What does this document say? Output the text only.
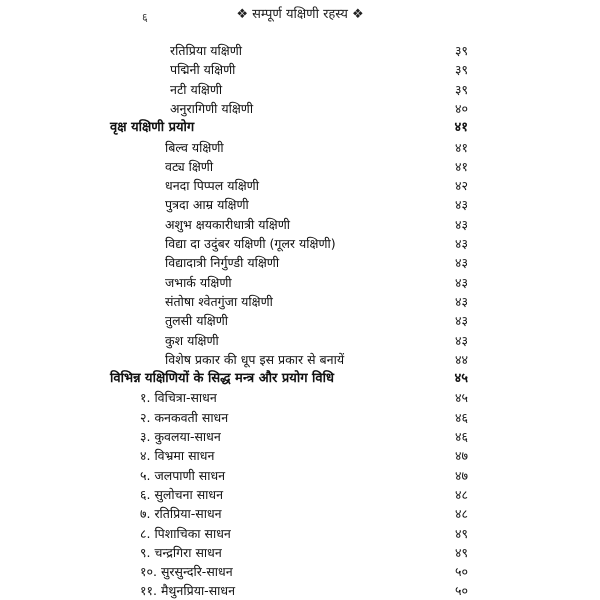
❖ सम्पूर्ण यक्षिणी रहस्य ❖
६
रतिप्रिया यक्षिणी	३९
पद्मिनी यक्षिणी	३९
नटी यक्षिणी	३९
अनुरागिणी यक्षिणी	४०
वृक्ष यक्षिणी प्रयोग	४१
बिल्व यक्षिणी	४१
वट्य क्षिणी	४१
धनदा पिप्पल यक्षिणी	४२
पुत्रदा आम्र यक्षिणी	४३
अशुभ क्षयकारीधात्री यक्षिणी	४३
विद्या दा उदुंबर यक्षिणी (गूलर यक्षिणी)	४३
विद्यादात्री निर्गुण्डी यक्षिणी	४३
जभार्क यक्षिणी	४३
संतोषा श्वेतगुंजा यक्षिणी	४३
तुलसी यक्षिणी	४३
कुश यक्षिणी	४३
विशेष प्रकार की धूप इस प्रकार से बनायें	४४
विभिन्न यक्षिणियों के सिद्ध मन्त्र और प्रयोग विधि	४५
१. विचित्रा-साधन	४५
२. कनकवती साधन	४६
३. कुवलया-साधन	४६
४. विभ्रमा साधन	४७
५. जलपाणी साधन	४७
६. सुलोचना साधन	४८
७. रतिप्रिया-साधन	४८
८. पिशाचिका साधन	४९
९. चन्द्रगिरा साधन	४९
१०. सुरसुन्दरि-साधन	५०
११. मैथुनप्रिया-साधन	५०
